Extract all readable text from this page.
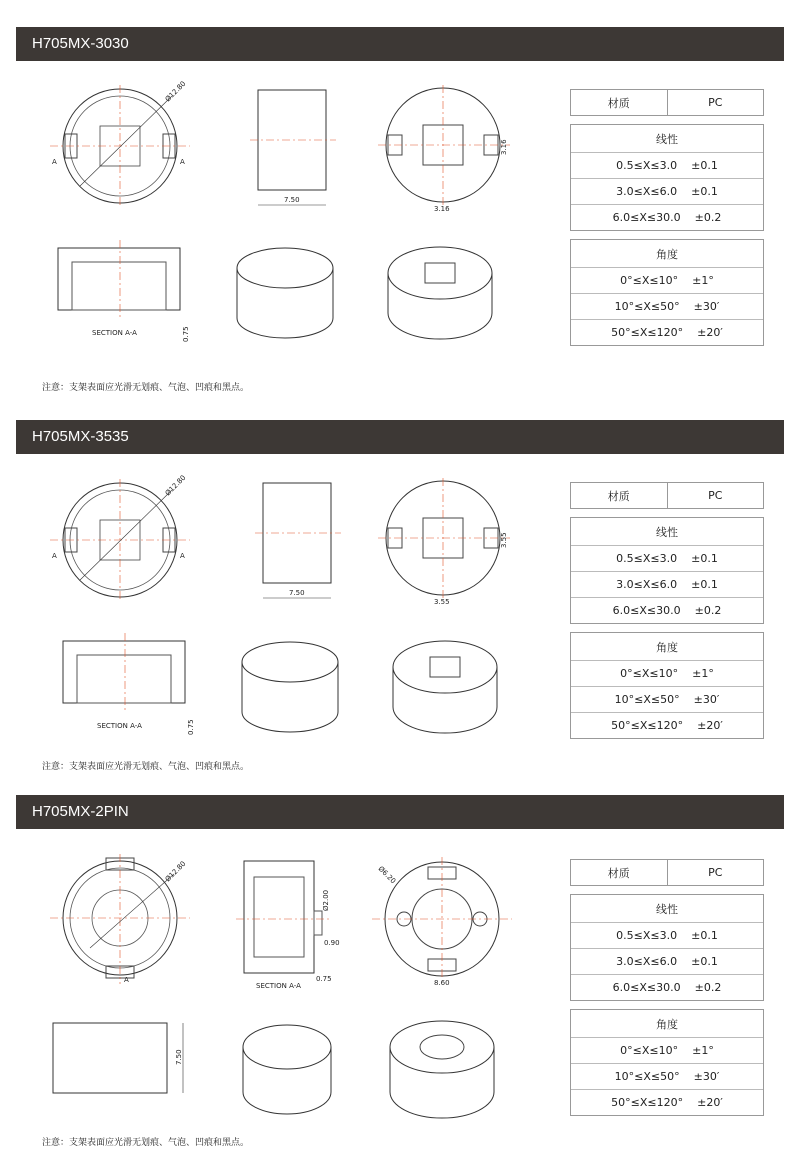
H705MX-3030
Ø12.80
A	A
7.50
3.16
3.16
SECTION A-A	0.75
材质	PC
线性
0.5≤X≤3.0 ±0.1
3.0≤X≤6.0 ±0.1
6.0≤X≤30.0 ±0.2
角度
0°≤X≤10° ±1°
10°≤X≤50° ±30′
50°≤X≤120° ±20′
注意：支架表面应光滑无划痕、气泡、凹痕和黑点。
H705MX-3535
Ø12.80
A	A
7.50
3.55
3.55
SECTION A-A	0.75
材质	PC
线性
0.5≤X≤3.0 ±0.1
3.0≤X≤6.0 ±0.1
6.0≤X≤30.0 ±0.2
角度
0°≤X≤10° ±1°
10°≤X≤50° ±30′
50°≤X≤120° ±20′
注意：支架表面应光滑无划痕、气泡、凹痕和黑点。
H705MX-2PIN
Ø12.80
A
Ø2.00
0.90
0.75
SECTION A-A
Ø6.20
8.60
7.50
材质	PC
线性
0.5≤X≤3.0 ±0.1
3.0≤X≤6.0 ±0.1
6.0≤X≤30.0 ±0.2
角度
0°≤X≤10° ±1°
10°≤X≤50° ±30′
50°≤X≤120° ±20′
注意：支架表面应光滑无划痕、气泡、凹痕和黑点。
